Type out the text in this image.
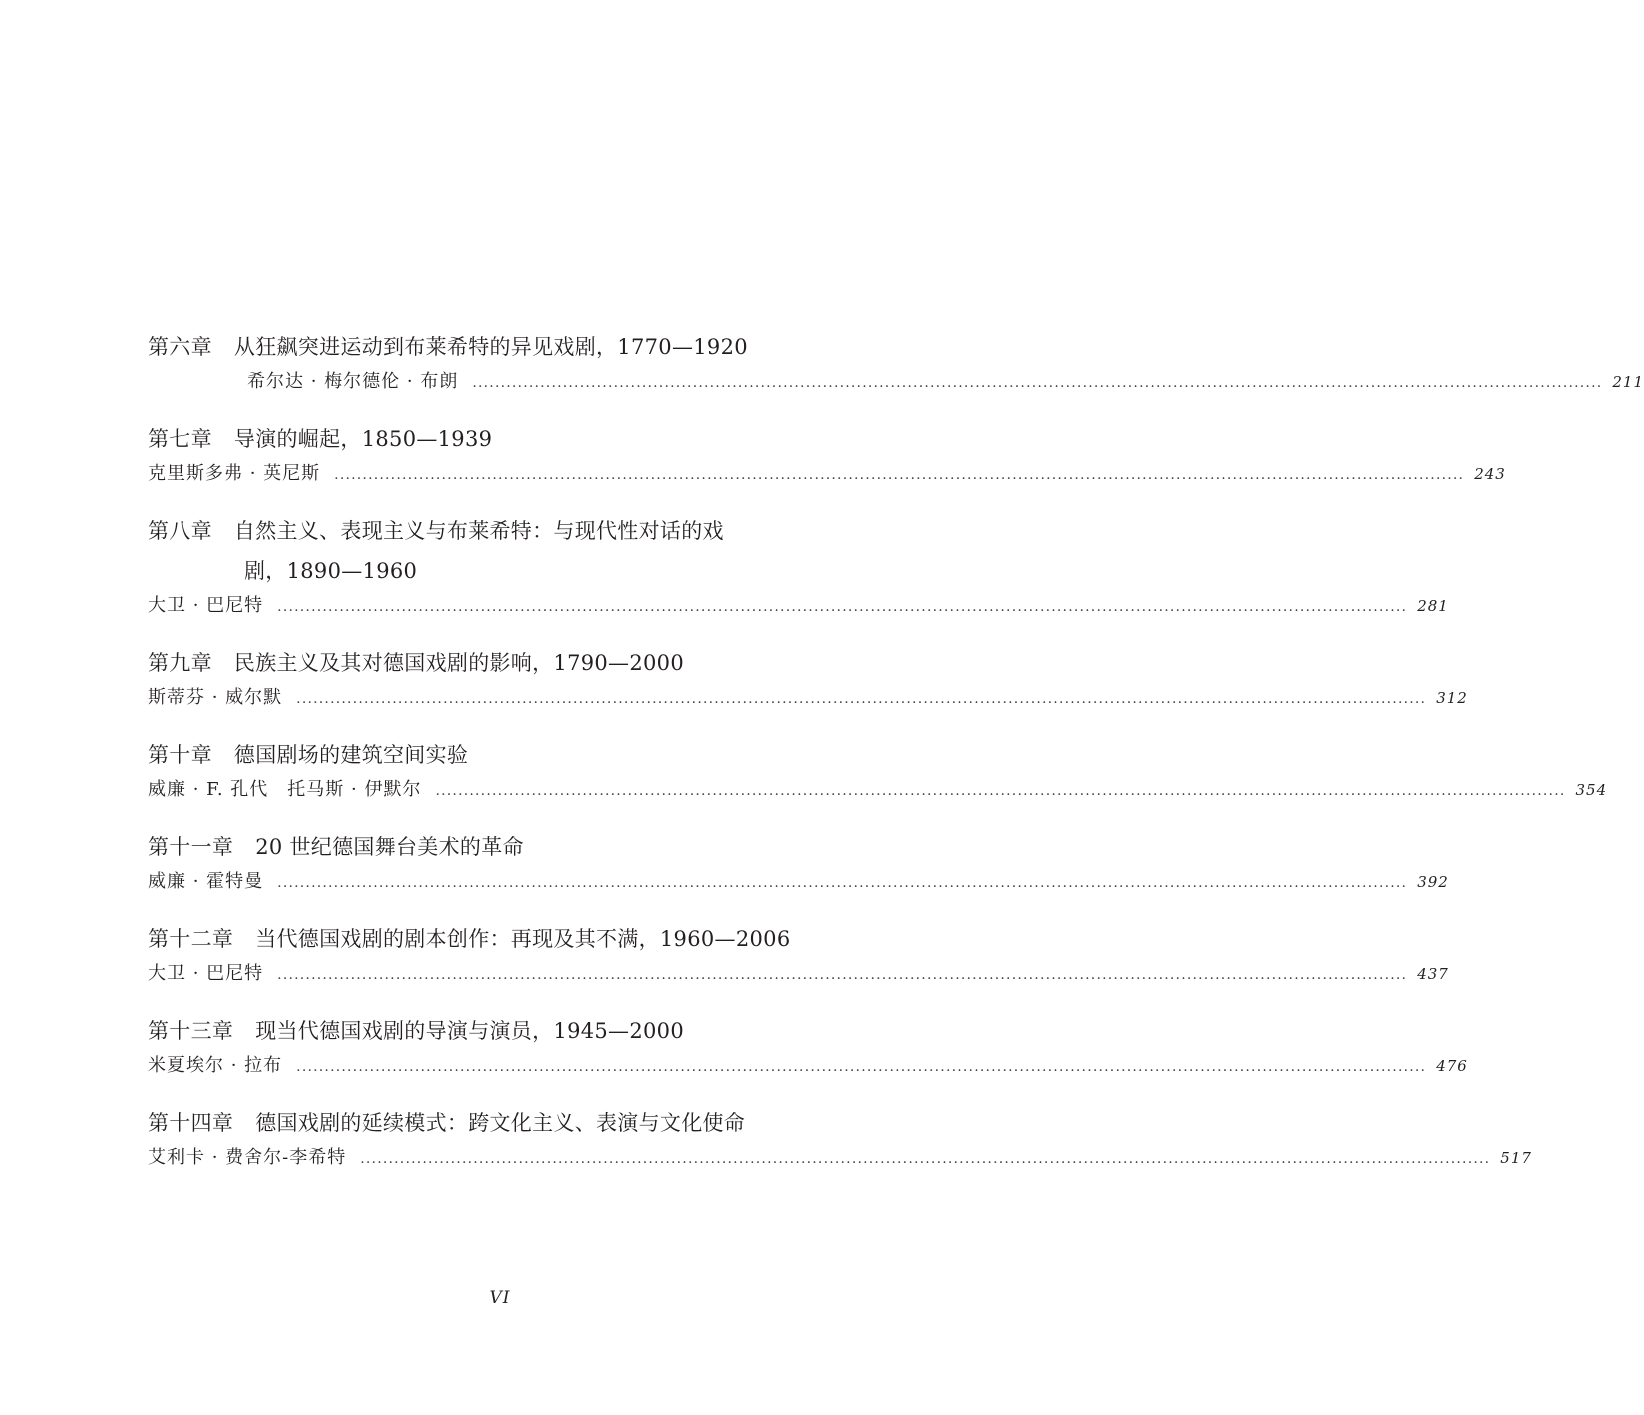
第六章 从狂飙突进运动到布莱希特的异见戏剧，1770—1920
希尔达 · 梅尔德伦 · 布朗 ........................................................................................................................................................................................................ 211
第七章 导演的崛起，1850—1939
克里斯多弗 · 英尼斯 ........................................................................................................................................................................................................ 243
第八章 自然主义、表现主义与布莱希特：与现代性对话的戏
剧，1890—1960
大卫 · 巴尼特 ........................................................................................................................................................................................................ 281
第九章 民族主义及其对德国戏剧的影响，1790—2000
斯蒂芬 · 威尔默 ........................................................................................................................................................................................................ 312
第十章 德国剧场的建筑空间实验
威廉 · F. 孔代　托马斯 · 伊默尔 ........................................................................................................................................................................................................ 354
第十一章 20 世纪德国舞台美术的革命
威廉 · 霍特曼 ........................................................................................................................................................................................................ 392
第十二章 当代德国戏剧的剧本创作：再现及其不满，1960—2006
大卫 · 巴尼特 ........................................................................................................................................................................................................ 437
第十三章 现当代德国戏剧的导演与演员，1945—2000
米夏埃尔 · 拉布 ........................................................................................................................................................................................................ 476
第十四章 德国戏剧的延续模式：跨文化主义、表演与文化使命
艾利卡 · 费舍尔-李希特 ........................................................................................................................................................................................................ 517
VI
